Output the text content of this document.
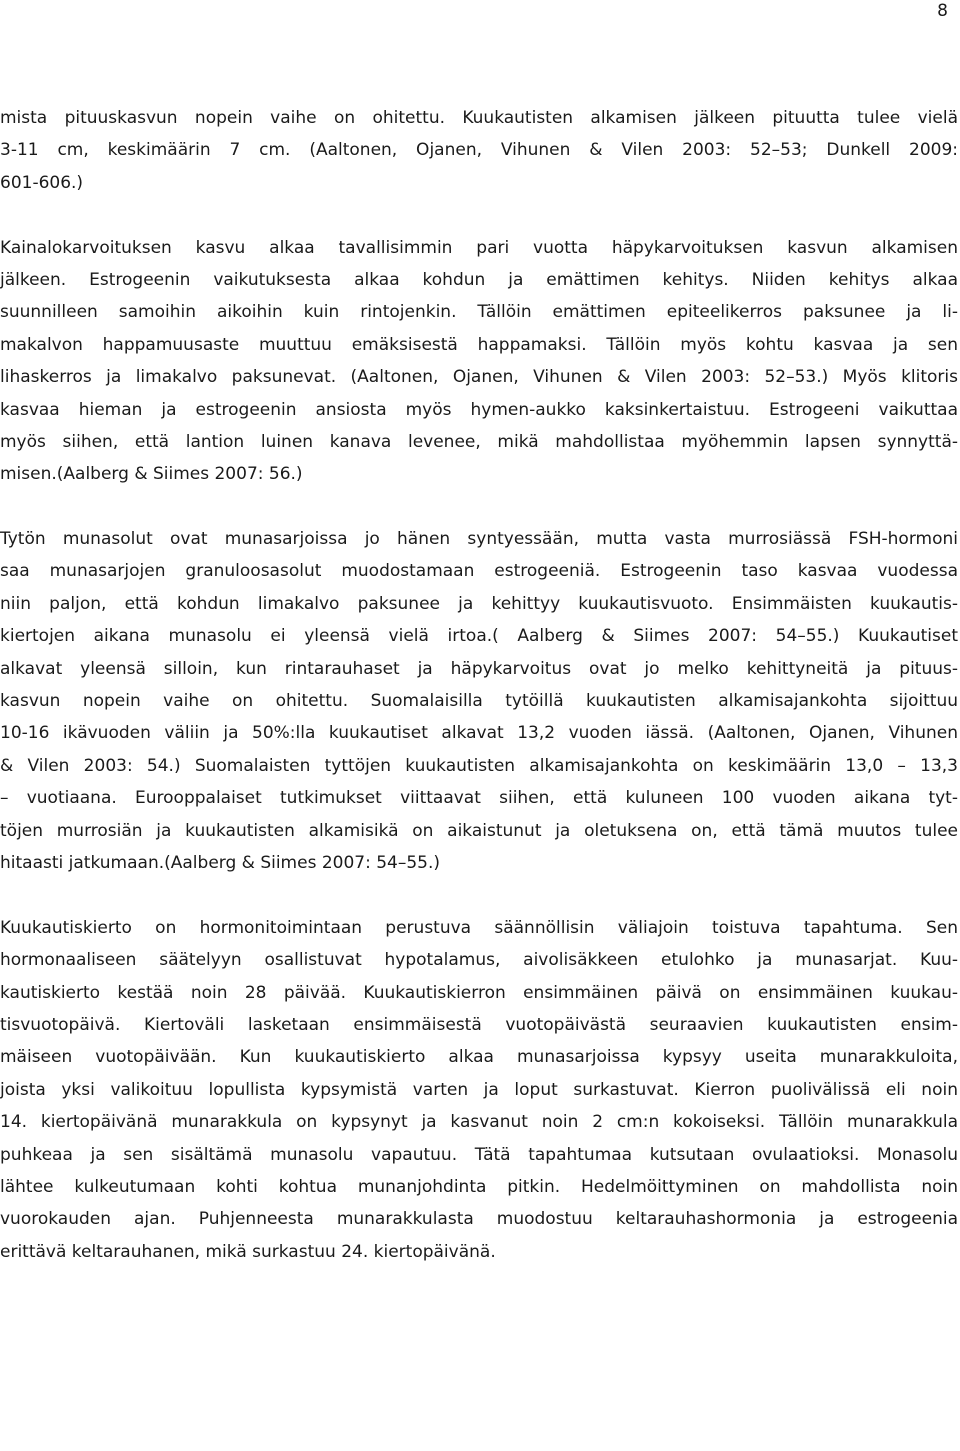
8
mista pituuskasvun nopein vaihe on ohitettu. Kuukautisten alkamisen jälkeen pituutta tulee vielä
3-11 cm, keskimäärin 7 cm. (Aaltonen, Ojanen, Vihunen & Vilen 2003: 52–53; Dunkell 2009:
601-606.)
Kainalokarvoituksen kasvu alkaa tavallisimmin pari vuotta häpykarvoituksen kasvun alkamisen
jälkeen. Estrogeenin vaikutuksesta alkaa kohdun ja emättimen kehitys. Niiden kehitys alkaa
suunnilleen samoihin aikoihin kuin rintojenkin. Tällöin emättimen epiteelikerros paksunee ja li-
makalvon happamuusaste muuttuu emäksisestä happamaksi. Tällöin myös kohtu kasvaa ja sen
lihaskerros ja limakalvo paksunevat. (Aaltonen, Ojanen, Vihunen & Vilen 2003: 52–53.) Myös klitoris
kasvaa hieman ja estrogeenin ansiosta myös hymen-aukko kaksinkertaistuu. Estrogeeni vaikuttaa
myös siihen, että lantion luinen kanava levenee, mikä mahdollistaa myöhemmin lapsen synnyttä-
misen.(Aalberg & Siimes 2007: 56.)
Tytön munasolut ovat munasarjoissa jo hänen syntyessään, mutta vasta murrosiässä FSH-hormoni
saa munasarjojen granuloosasolut muodostamaan estrogeeniä. Estrogeenin taso kasvaa vuodessa
niin paljon, että kohdun limakalvo paksunee ja kehittyy kuukautisvuoto. Ensimmäisten kuukautis-
kiertojen aikana munasolu ei yleensä vielä irtoa.( Aalberg & Siimes 2007: 54–55.) Kuukautiset
alkavat yleensä silloin, kun rintarauhaset ja häpykarvoitus ovat jo melko kehittyneitä ja pituus-
kasvun nopein vaihe on ohitettu. Suomalaisilla tytöillä kuukautisten alkamisajankohta sijoittuu
10-16 ikävuoden väliin ja 50%:lla kuukautiset alkavat 13,2 vuoden iässä. (Aaltonen, Ojanen, Vihunen
& Vilen 2003: 54.) Suomalaisten tyttöjen kuukautisten alkamisajankohta on keskimäärin 13,0 – 13,3
– vuotiaana. Eurooppalaiset tutkimukset viittaavat siihen, että kuluneen 100 vuoden aikana tyt-
töjen murrosiän ja kuukautisten alkamisikä on aikaistunut ja oletuksena on, että tämä muutos tulee
hitaasti jatkumaan.(Aalberg & Siimes 2007: 54–55.)
Kuukautiskierto on hormonitoimintaan perustuva säännöllisin väliajoin toistuva tapahtuma. Sen
hormonaaliseen säätelyyn osallistuvat hypotalamus, aivolisäkkeen etulohko ja munasarjat. Kuu-
kautiskierto kestää noin 28 päivää. Kuukautiskierron ensimmäinen päivä on ensimmäinen kuukau-
tisvuotopäivä. Kiertoväli lasketaan ensimmäisestä vuotopäivästä seuraavien kuukautisten ensim-
mäiseen vuotopäivään. Kun kuukautiskierto alkaa munasarjoissa kypsyy useita munarakkuloita,
joista yksi valikoituu lopullista kypsymistä varten ja loput surkastuvat. Kierron puolivälissä eli noin
14. kiertopäivänä munarakkula on kypsynyt ja kasvanut noin 2 cm:n kokoiseksi. Tällöin munarakkula
puhkeaa ja sen sisältämä munasolu vapautuu. Tätä tapahtumaa kutsutaan ovulaatioksi. Monasolu
lähtee kulkeutumaan kohti kohtua munanjohdinta pitkin. Hedelmöittyminen on mahdollista noin
vuorokauden ajan. Puhjenneesta munarakkulasta muodostuu keltarauhashormonia ja estrogeenia
erittävä keltarauhanen, mikä surkastuu 24. kiertopäivänä.
